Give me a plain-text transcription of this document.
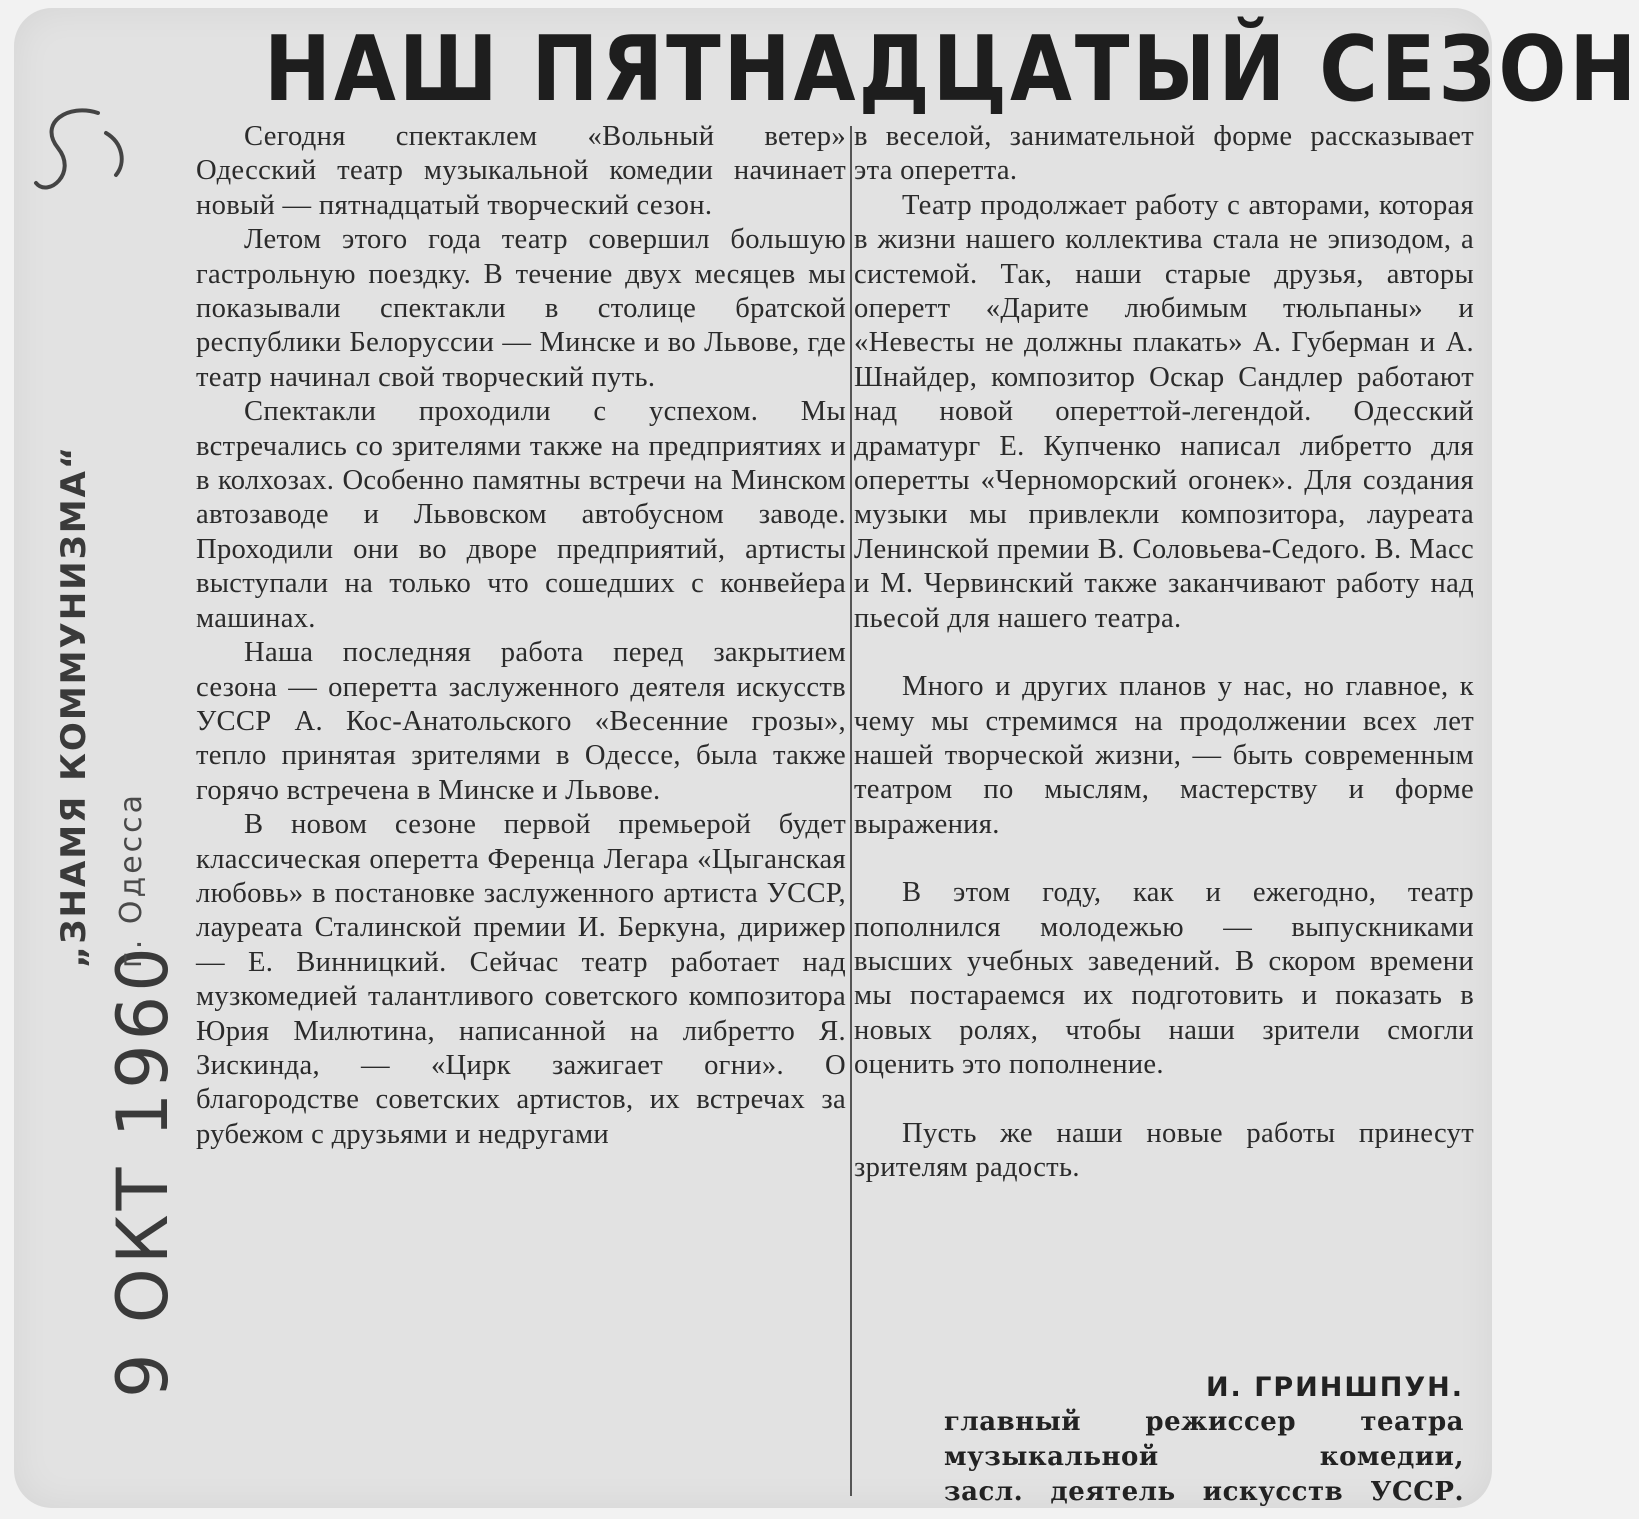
НАШ ПЯТНАДЦАТЫЙ СЕЗОН

Сегодня спектаклем «Вольный ветер» Одесский театр музыкальной комедии начинает новый — пятнадцатый творческий сезон.

Летом этого года театр совершил большую гастрольную поездку. В течение двух месяцев мы показывали спектакли в столице братской республики Белоруссии — Минске и во Львове, где театр начинал свой творческий путь.

Спектакли проходили с успехом. Мы встречались со зрителями также на предприятиях и в колхозах. Особенно памятны встречи на Минском автозаводе и Львовском автобусном заводе. Проходили они во дворе предприятий, артисты выступали на только что сошедших с конвейера машинах.

Наша последняя работа перед закрытием сезона — оперетта заслуженного деятеля искусств УССР А. Кос-Анатольского «Весенние грозы», тепло принятая зрителями в Одессе, была также горячо встречена в Минске и Львове.

В новом сезоне первой премьерой будет классическая оперетта Ференца Легара «Цыганская любовь» в постановке заслуженного артиста УССР, лауреата Сталинской премии И. Беркуна, дирижер — Е. Винницкий. Сейчас театр работает над музкомедией талантливого советского композитора Юрия Милютина, написанной на либретто Я. Зискинда, — «Цирк зажигает огни». О благородстве советских артистов, их встречах за рубежом с друзьями и недругами

в веселой, занимательной форме рассказывает эта оперетта.

Театр продолжает работу с авторами, которая в жизни нашего коллектива стала не эпизодом, а системой. Так, наши старые друзья, авторы оперетт «Дарите любимым тюльпаны» и «Невесты не должны плакать» А. Губерман и А. Шнайдер, композитор Оскар Сандлер работают над новой опереттой-легендой. Одесский драматург Е. Купченко написал либретто для оперетты «Черноморский огонек». Для создания музыки мы привлекли композитора, лауреата Ленинской премии В. Соловьева-Седого. В. Масс и М. Червинский также заканчивают работу над пьесой для нашего театра.

Много и других планов у нас, но главное, к чему мы стремимся на продолжении всех лет нашей творческой жизни, — быть современным театром по мыслям, мастерству и форме выражения.

В этом году, как и ежегодно, театр пополнился молодежью — выпускниками высших учебных заведений. В скором времени мы постараемся их подготовить и показать в новых ролях, чтобы наши зрители смогли оценить это пополнение.

Пусть же наши новые работы принесут зрителям радость.

И. ГРИНШПУН.
главный режиссер театра
музыкальной комедии,
засл. деятель искусств УССР.
9 ОКТ 1960
„ЗНАМЯ КОММУНИЗМА“ г. Одесса
